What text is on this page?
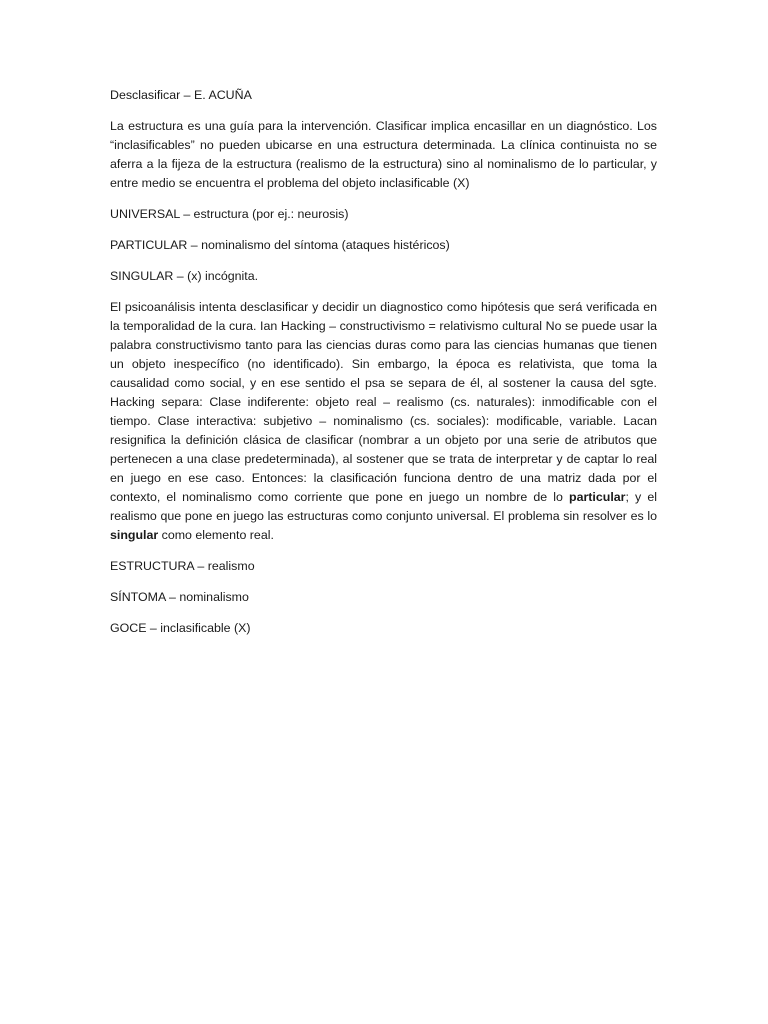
Desclasificar – E. ACUÑA

La estructura es una guía para la intervención. Clasificar implica encasillar en un diagnóstico. Los “inclasificables” no pueden ubicarse en una estructura determinada. La clínica continuista no se aferra a la fijeza de la estructura (realismo de la estructura) sino al nominalismo de lo particular, y entre medio se encuentra el problema del objeto inclasificable (X)

UNIVERSAL – estructura (por ej.: neurosis)

PARTICULAR – nominalismo del síntoma (ataques histéricos)

SINGULAR – (x) incógnita.

El psicoanálisis intenta desclasificar y decidir un diagnostico como hipótesis que será verificada en la temporalidad de la cura. Ian Hacking – constructivismo = relativismo cultural No se puede usar la palabra constructivismo tanto para las ciencias duras como para las ciencias humanas que tienen un objeto inespecífico (no identificado). Sin embargo, la época es relativista, que toma la causalidad como social, y en ese sentido el psa se separa de él, al sostener la causa del sgte. Hacking separa: Clase indiferente: objeto real – realismo (cs. naturales): inmodificable con el tiempo. Clase interactiva: subjetivo – nominalismo (cs. sociales): modificable, variable. Lacan resignifica la definición clásica de clasificar (nombrar a un objeto por una serie de atributos que pertenecen a una clase predeterminada), al sostener que se trata de interpretar y de captar lo real en juego en ese caso. Entonces: la clasificación funciona dentro de una matriz dada por el contexto, el nominalismo como corriente que pone en juego un nombre de lo particular; y el realismo que pone en juego las estructuras como conjunto universal. El problema sin resolver es lo singular como elemento real.

ESTRUCTURA – realismo

SÍNTOMA – nominalismo

GOCE – inclasificable (X)
